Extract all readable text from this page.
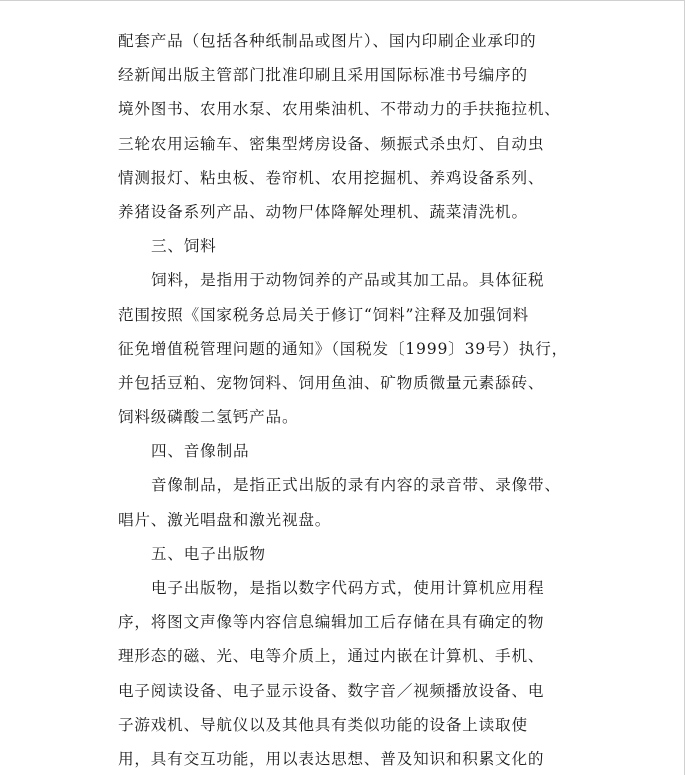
配套产品（包括各种纸制品或图片）、国内印刷企业承印的
经新闻出版主管部门批准印刷且采用国际标准书号编序的
境外图书、农用水泵、农用柴油机、不带动力的手扶拖拉机、
三轮农用运输车、密集型烤房设备、频振式杀虫灯、自动虫
情测报灯、粘虫板、卷帘机、农用挖掘机、养鸡设备系列、
养猪设备系列产品、动物尸体降解处理机、蔬菜清洗机。
三、饲料
饲料，是指用于动物饲养的产品或其加工品。具体征税
范围按照《国家税务总局关于修订“饲料”注释及加强饲料
征免增值税管理问题的通知》（国税发〔1999〕39号）执行，
并包括豆粕、宠物饲料、饲用鱼油、矿物质微量元素舔砖、
饲料级磷酸二氢钙产品。
四、音像制品
音像制品，是指正式出版的录有内容的录音带、录像带、
唱片、激光唱盘和激光视盘。
五、电子出版物
电子出版物，是指以数字代码方式，使用计算机应用程
序，将图文声像等内容信息编辑加工后存储在具有确定的物
理形态的磁、光、电等介质上，通过内嵌在计算机、手机、
电子阅读设备、电子显示设备、数字音／视频播放设备、电
子游戏机、导航仪以及其他具有类似功能的设备上读取使
用，具有交互功能，用以表达思想、普及知识和积累文化的
